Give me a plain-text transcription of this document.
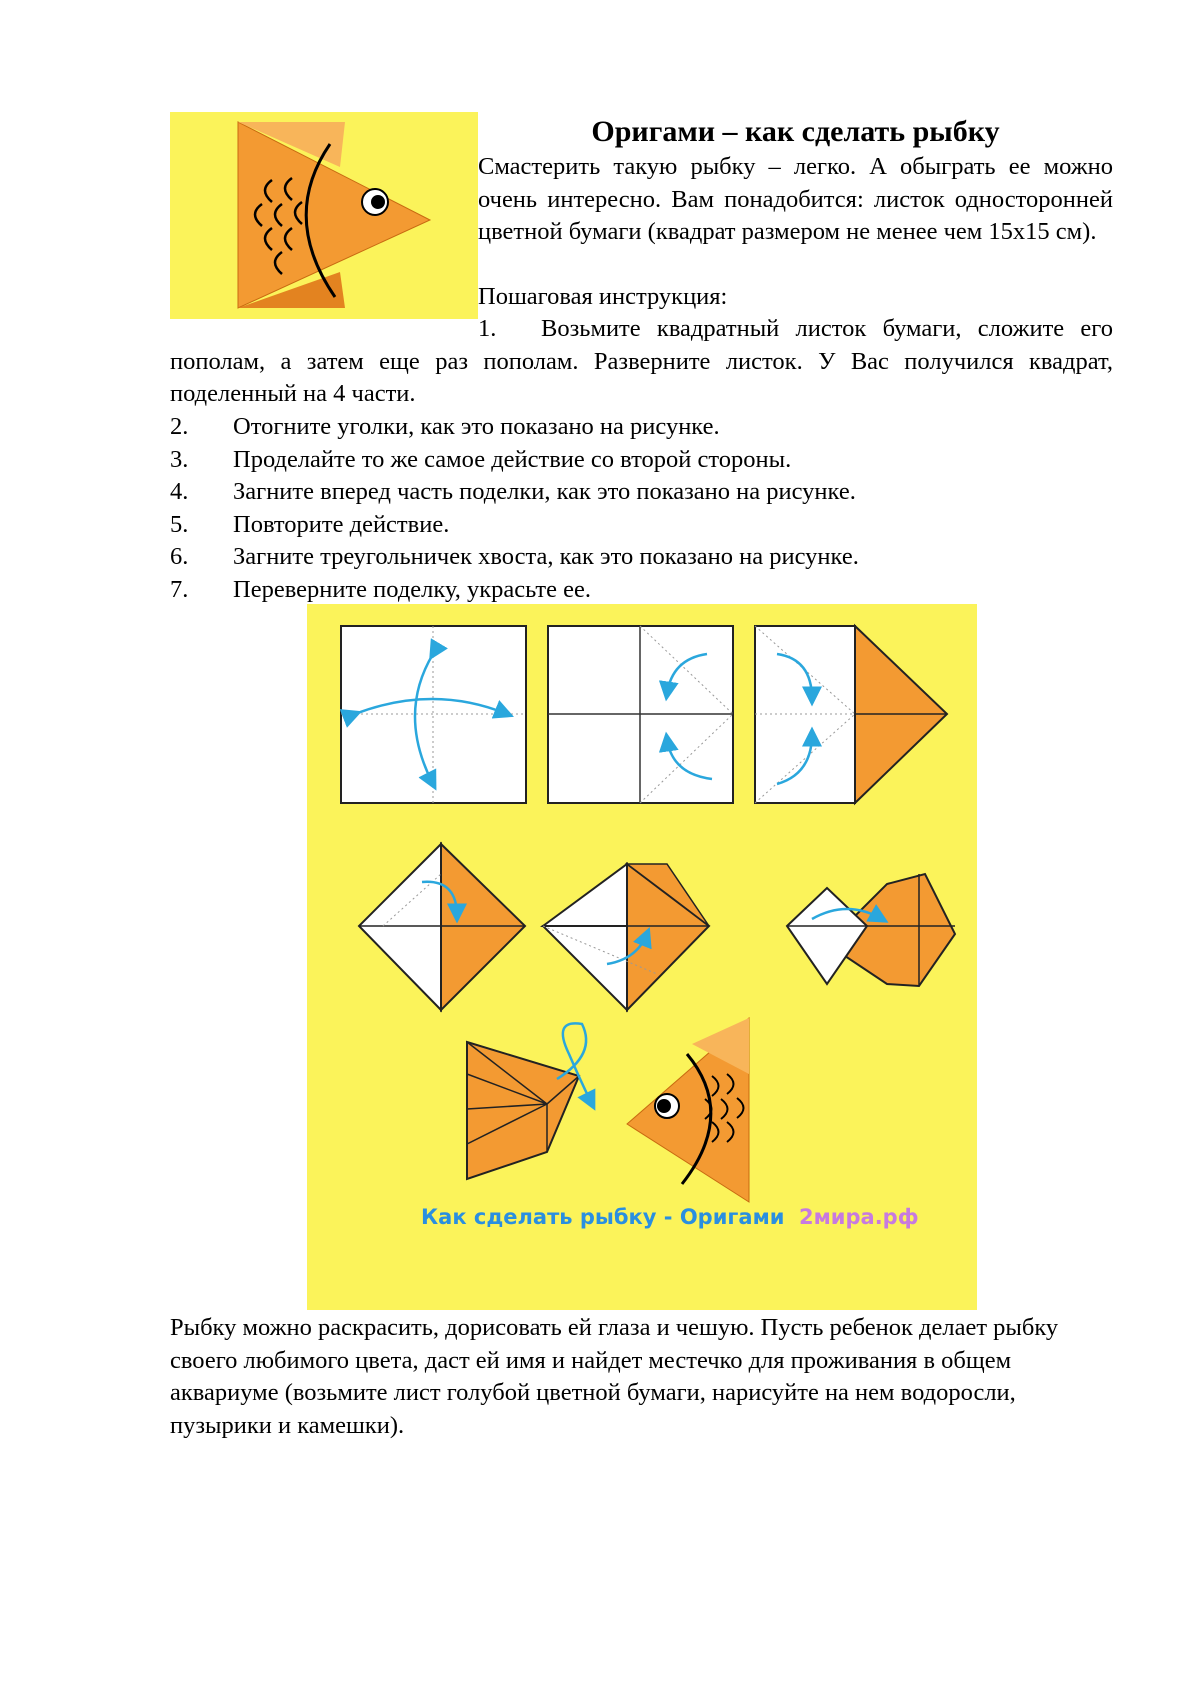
Оригами – как сделать рыбку

Смастерить такую рыбку – легко. А обыграть ее можно очень интересно. Вам понадобится: листок односторонней цветной бумаги (квадрат размером не менее чем 15х15 см).

Пошаговая инструкция:

1. Возьмите квадратный листок бумаги, сложите его пополам, а затем еще раз пополам. Разверните листок. У Вас получился квадрат, поделенный на 4 части.

2.	Отогните уголки, как это показано на рисунке.
3.	Проделайте то же самое действие со второй стороны.
4.	Загните вперед часть поделки, как это показано на рисунке.
5.	Повторите действие.
6.	Загните треугольничек хвоста, как это показано на рисунке.
7.	Переверните поделку, украсьте ее.
Как сделать рыбку - Оригами 2мира.рф

Рыбку можно раскрасить, дорисовать ей глаза и чешую. Пусть ребенок делает рыбку своего любимого цвета, даст ей имя и найдет местечко для проживания в общем аквариуме (возьмите лист голубой цветной бумаги, нарисуйте на нем водоросли, пузырики и камешки).
